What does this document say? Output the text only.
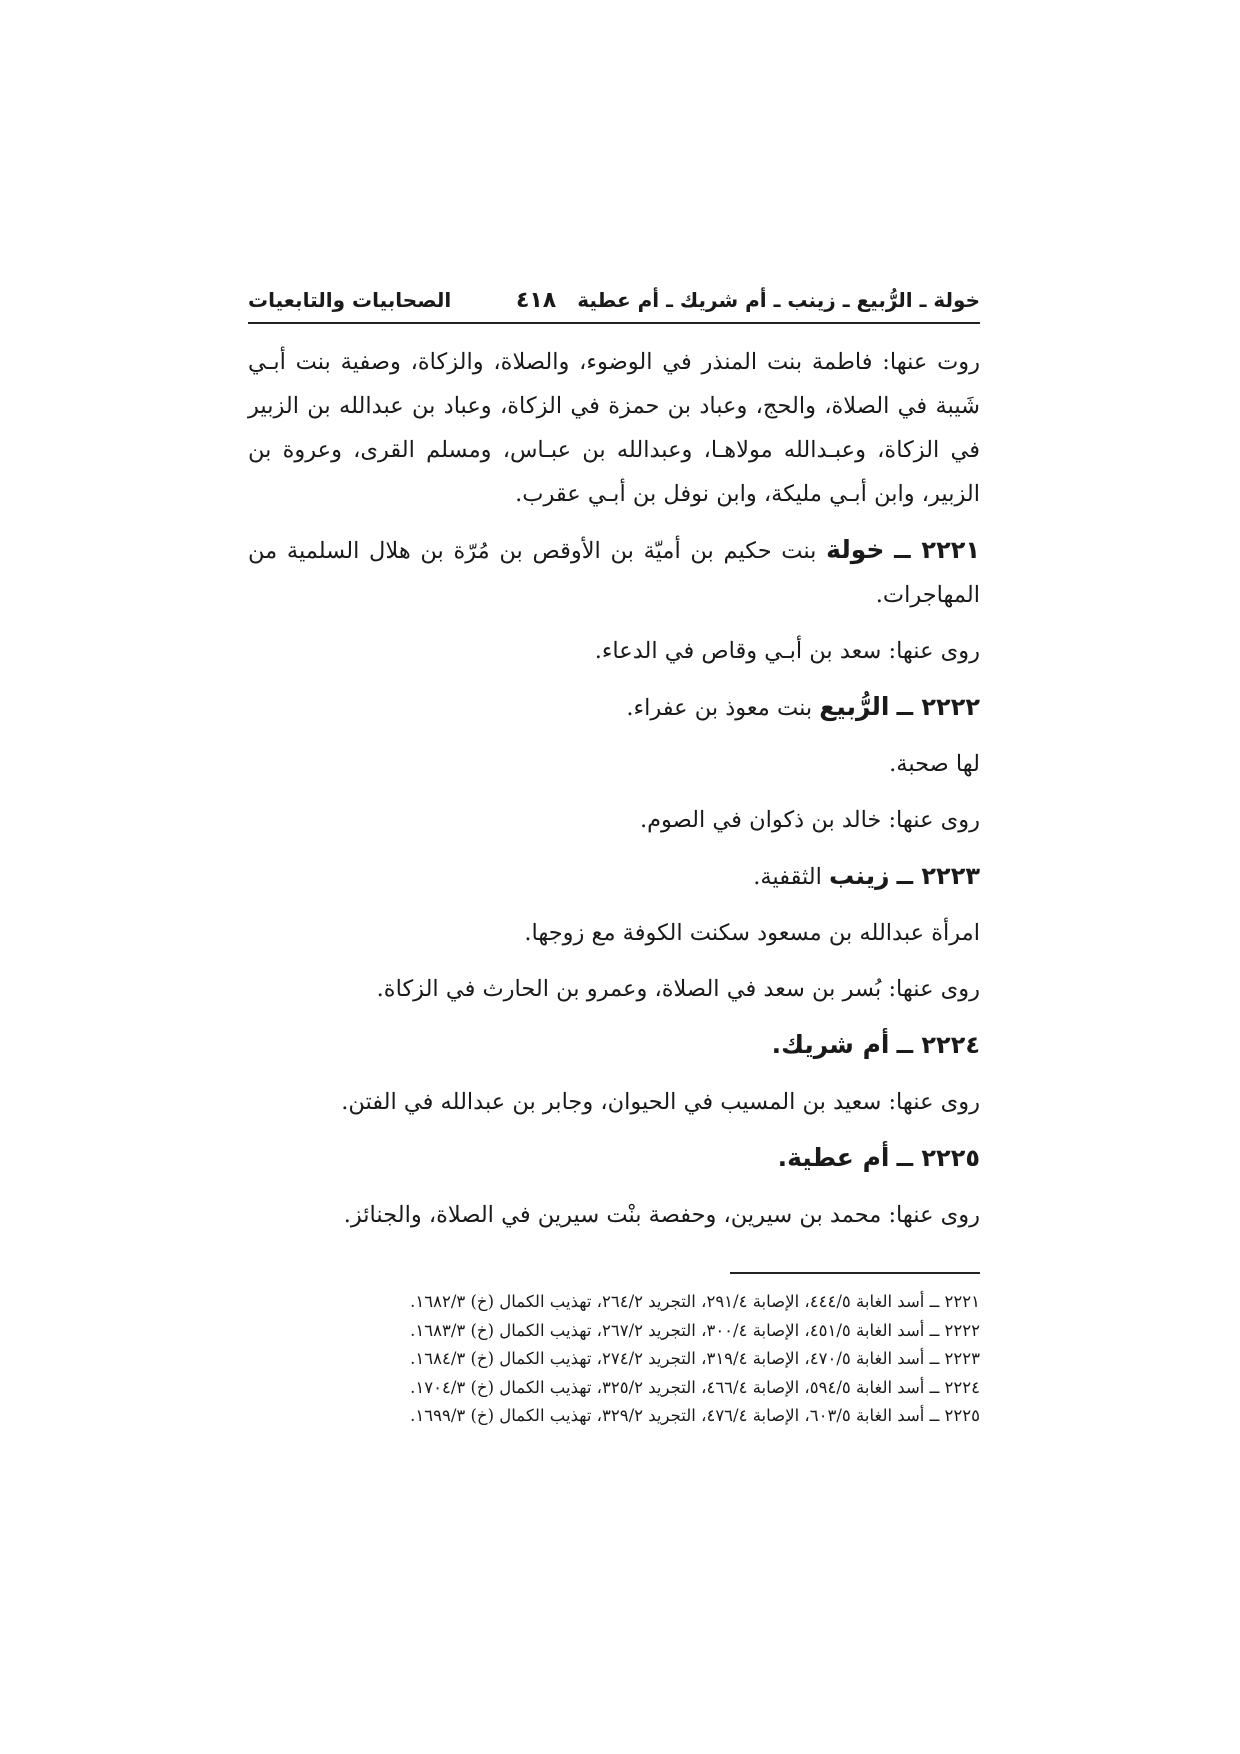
خولة ـ الرُّبيع ـ زينب ـ أم شريك ـ أم عطية ٤١٨
الصحابيات والتابعيات

روت عنها: فاطمة بنت المنذر في الوضوء، والصلاة، والزكاة، وصفية بنت أبـي شَيبة في الصلاة، والحج، وعباد بن حمزة في الزكاة، وعباد بن عبدالله بن الزبير في الزكاة، وعبـدالله مولاهـا، وعبدالله بن عبـاس، ومسلم القرى، وعروة بن الزبير، وابن أبـي مليكة، وابن نوفل بن أبـي عقرب.

٢٢٢١ ــ خولة بنت حكيم بن أميّة بن الأوقص بن مُرّة بن هلال السلمية من المهاجرات.

روى عنها: سعد بن أبـي وقاص في الدعاء.

٢٢٢٢ ــ الرُّبيع بنت معوذ بن عفراء.

لها صحبة.

روى عنها: خالد بن ذكوان في الصوم.

٢٢٢٣ ــ زينب الثقفية.

امرأة عبدالله بن مسعود سكنت الكوفة مع زوجها.

روى عنها: بُسر بن سعد في الصلاة، وعمرو بن الحارث في الزكاة.

٢٢٢٤ ــ أم شريك.

روى عنها: سعيد بن المسيب في الحيوان، وجابر بن عبدالله في الفتن.

٢٢٢٥ ــ أم عطية.

روى عنها: محمد بن سيرين، وحفصة بنْت سيرين في الصلاة، والجنائز.

٢٢٢١ ــ أسد الغابة ٤٤٤/٥، الإصابة ٢٩١/٤، التجريد ٢٦٤/٢، تهذيب الكمال (خ) ١٦٨٢/٣.

٢٢٢٢ ــ أسد الغابة ٤٥١/٥، الإصابة ٣٠٠/٤، التجريد ٢٦٧/٢، تهذيب الكمال (خ) ١٦٨٣/٣.

٢٢٢٣ ــ أسد الغابة ٤٧٠/٥، الإصابة ٣١٩/٤، التجريد ٢٧٤/٢، تهذيب الكمال (خ) ١٦٨٤/٣.

٢٢٢٤ ــ أسد الغابة ٥٩٤/٥، الإصابة ٤٦٦/٤، التجريد ٣٢٥/٢، تهذيب الكمال (خ) ١٧٠٤/٣.

٢٢٢٥ ــ أسد الغابة ٦٠٣/٥، الإصابة ٤٧٦/٤، التجريد ٣٢٩/٢، تهذيب الكمال (خ) ١٦٩٩/٣.
